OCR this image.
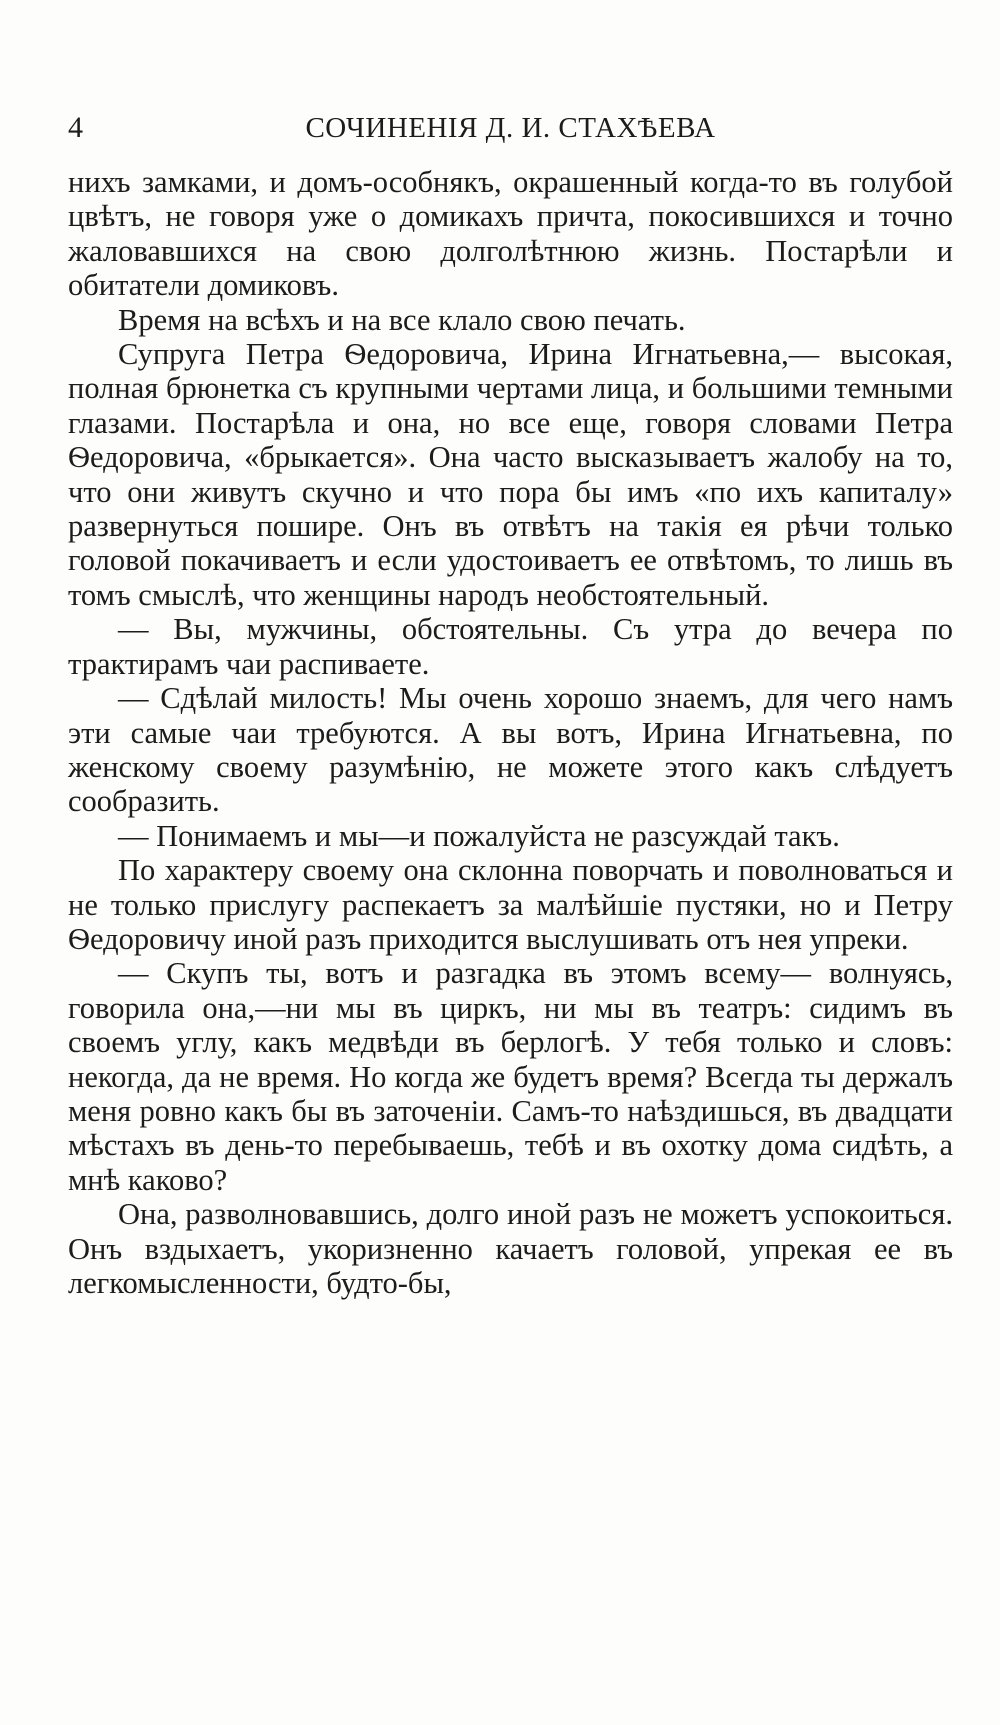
4	СОЧИНЕНІЯ Д. И. СТАХѢЕВА

нихъ замками, и домъ-особнякъ, окрашенный когда-то въ голубой цвѣтъ, не говоря уже о домикахъ причта, покосившихся и точно жаловавшихся на свою долголѣтнюю жизнь. Постарѣли и обитатели домиковъ.

Время на всѣхъ и на все клало свою печать.

Супруга Петра Ѳедоровича, Ирина Игнатьевна,— высокая, полная брюнетка съ крупными чертами лица, и большими темными глазами. Постарѣла и она, но все еще, говоря словами Петра Ѳедоровича, «брыкается». Она часто высказываетъ жалобу на то, что они живутъ скучно и что пора бы имъ «по ихъ капиталу» развернуться пошире. Онъ въ отвѣтъ на такія ея рѣчи только головой покачиваетъ и если удостоиваетъ ее отвѣтомъ, то лишь въ томъ смыслѣ, что женщины народъ необстоятельный.

— Вы, мужчины, обстоятельны. Съ утра до вечера по трактирамъ чаи распиваете.

— Сдѣлай милость! Мы очень хорошо знаемъ, для чего намъ эти самые чаи требуются. А вы вотъ, Ирина Игнатьевна, по женскому своему разумѣнію, не можете этого какъ слѣдуетъ сообразить.

— Понимаемъ и мы—и пожалуйста не разсуждай такъ.

По характеру своему она склонна поворчать и поволноваться и не только прислугу распекаетъ за малѣйшіе пустяки, но и Петру Ѳедоровичу иной разъ приходится выслушивать отъ нея упреки.

— Скупъ ты, вотъ и разгадка въ этомъ всему— волнуясь, говорила она,—ни мы въ циркъ, ни мы въ театръ: сидимъ въ своемъ углу, какъ медвѣди въ берлогѣ. У тебя только и словъ: некогда, да не время. Но когда же будетъ время? Всегда ты держалъ меня ровно какъ бы въ заточеніи. Самъ-то наѣздишься, въ двадцати мѣстахъ въ день-то перебываешь, тебѣ и въ охотку дома сидѣть, а мнѣ каково?

Она, разволновавшись, долго иной разъ не можетъ успокоиться. Онъ вздыхаетъ, укоризненно качаетъ головой, упрекая ее въ легкомысленности, будто-бы,
